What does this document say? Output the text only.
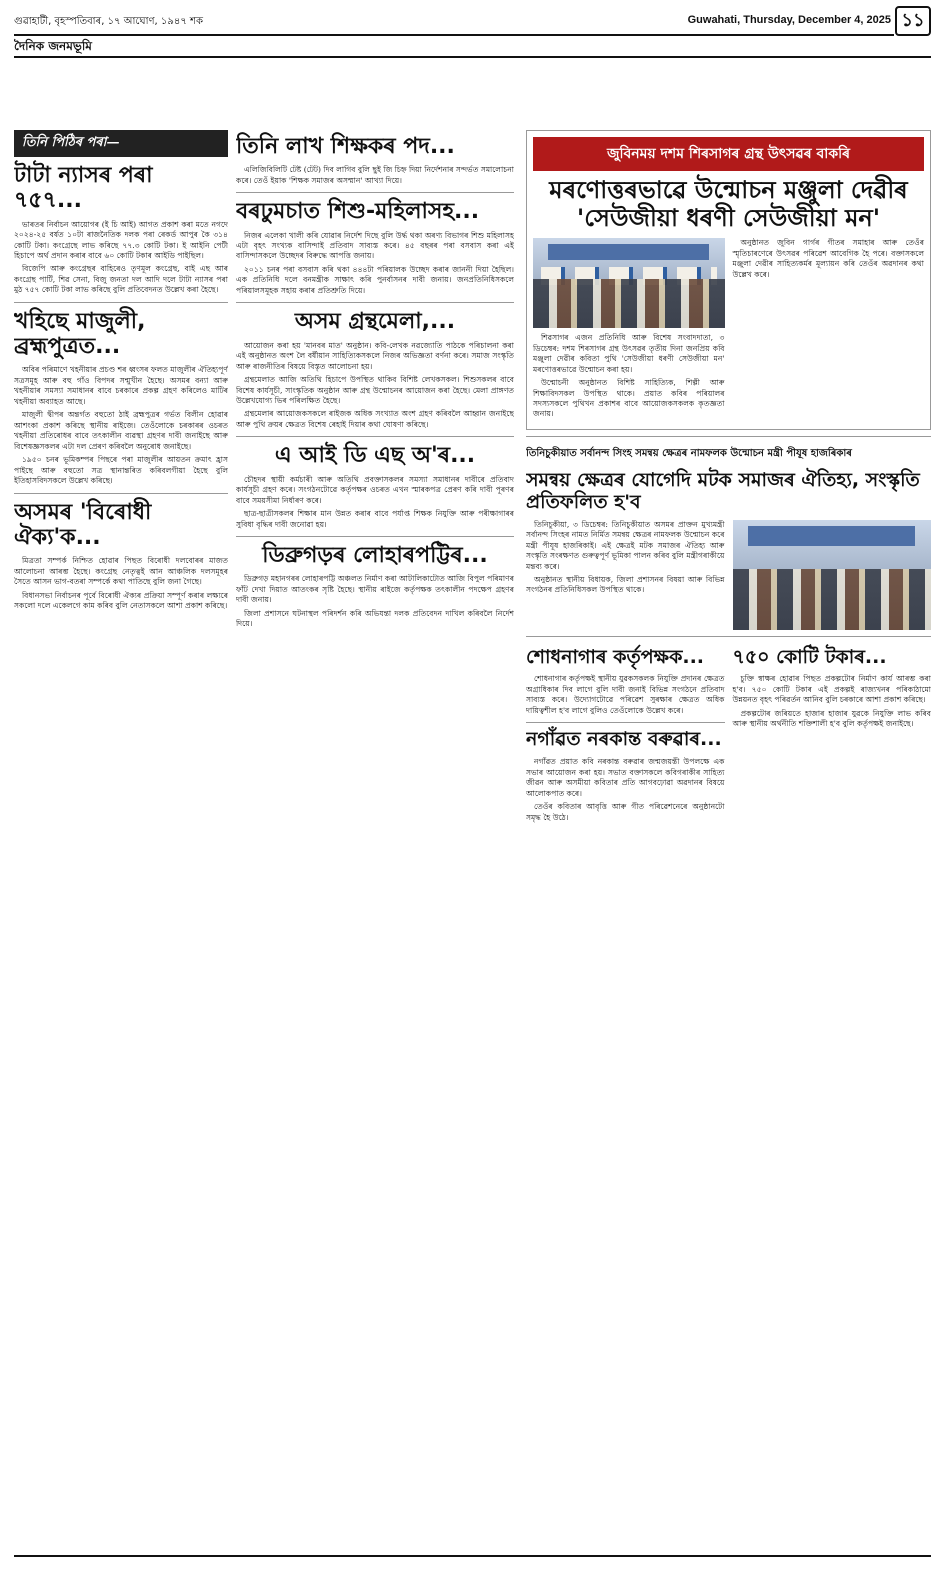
গুৱাহাটী, বৃহস্পতিবাৰ, ১৭ আঘোণ, ১৯৪৭ শক	Guwahati, Thursday, December 4, 2025 ১১
দৈনিক জনমভূমি
তিনি পিঠিৰ পৰা—
টাটা ন্যাসৰ পৰা ৭৫৭...

ভাৰতৰ নিৰ্বাচন আয়োগৰ (ই চি আই) আগত প্ৰকাশ কৰা মতে নগদে ২০২৪-২৫ বৰ্ষত ১০টা ৰাজনৈতিক দলক পৰা ৰেকৰ্ড আপুৰ কৈ ৩১৪ কোটি টকা। কংগ্ৰেছে লাভ কৰিছে ৭৭.৩ কোটি টকা। ই আইনি পেটী হিচাপে অৰ্থ প্ৰদান কৰাৰ বাবে ৬০ কোটি টকাৰ আইডি পাইছিল।

বিজেপি আৰু কংগ্ৰেছৰ বাহিৰেও তৃণমূল কংগ্ৰেছ, বাই এছ আৰ কংগ্ৰেছ পাৰ্টি, শিৱ সেনা, বিজু জনতা দল আদি দলে টাটা ন্যাসৰ পৰা মুঠ ৭৫৭ কোটি টকা লাভ কৰিছে বুলি প্ৰতিবেদনত উল্লেখ কৰা হৈছে।

খহিছে মাজুলী, ব্ৰহ্মপুত্ৰত...

অবিৰ পৰিমাণে খহনীয়াৰ প্ৰচণ্ড শৰ ধ্বংসৰ ফলত মাজুলীৰ ঐতিহ্যপূৰ্ণ সত্ৰসমূহ আৰু বহু গাঁও বিপদৰ সন্মুখীন হৈছে। অসমৰ বন্যা আৰু খহনীয়াৰ সমস্যা সমাধানৰ বাবে চৰকাৰে প্ৰকল্প গ্ৰহণ কৰিলেও মাটিৰ খহনীয়া অব্যাহত আছে।

মাজুলী দ্বীপৰ অন্তৰ্গত বহুতো ঠাই ব্ৰহ্মপুত্ৰৰ গৰ্ভত বিলীন হোৱাৰ আশংকা প্ৰকাশ কৰিছে স্থানীয় ৰাইজে। তেওঁলোকে চৰকাৰৰ ওচৰত খহনীয়া প্ৰতিৰোধৰ বাবে তৎকালীন ব্যৱস্থা গ্ৰহণৰ দাবী জনাইছে আৰু বিশেষজ্ঞসকলৰ এটা দল প্ৰেৰণ কৰিবলৈ অনুৰোধ জনাইছে।

১৯৫০ চনৰ ভূমিকম্পৰ পিছৰে পৰা মাজুলীৰ আয়তন ক্ৰমাৎ হ্ৰাস পাইছে আৰু বহুতো সত্ৰ স্থানান্তৰিত কৰিবলগীয়া হৈছে বুলি ইতিহাসবিদসকলে উল্লেখ কৰিছে।

অসমৰ 'বিৰোধী ঐক্য'ক...

মিত্ৰতা সম্পৰ্ক নিশ্চিত হোৱাৰ পিছত বিৰোধী দলবোৰৰ মাজত আলোচনা আৰম্ভ হৈছে। কংগ্ৰেছ নেতৃত্বই আন আঞ্চলিক দলসমূহৰ সৈতে আসন ভাগ-বতৰা সম্পৰ্কে কথা পাতিছে বুলি জনা গৈছে।

বিধানসভা নিৰ্বাচনৰ পূৰ্বে বিৰোধী ঐক্যৰ প্ৰক্ৰিয়া সম্পূৰ্ণ কৰাৰ লক্ষ্যৰে সকলো দলে একেলগে কাম কৰিব বুলি নেতাসকলে আশা প্ৰকাশ কৰিছে।

তিনি লাখ শিক্ষকৰ পদ...

এলিজিবিলিটি টেষ্ট (টেট) দিব লাগিব বুলি ছুই জি চিহ্ন দিয়া নিৰ্দেশনাৰ সন্দৰ্ভত সমালোচনা কৰে। তেওঁ ইয়াক 'শিক্ষক সমাজৰ অসম্মান' আখ্যা দিয়ে।

বৰঢুমচাত শিশু-মহিলাসহ...

নিজৰ এলেকা খালী কৰি যোৱাৰ নিৰ্দেশ দিছে বুলি উৰ্দ্ধ থকা অৰণ্য বিভাগৰ শিশু মহিলাসহ এটা বৃহৎ সংখ্যক বাসিন্দাই প্ৰতিবাদ সাব্যস্ত কৰে। ৪৫ বছৰৰ পৰা বসবাস কৰা এই বাসিন্দাসকলে উচ্ছেদৰ বিৰুদ্ধে আপত্তি জনায়।

২০১১ চনৰ পৰা বসবাস কৰি থকা ৪৪৪টা পৰিয়ালক উচ্ছেদ কৰাৰ জাননী দিয়া হৈছিল। এক প্ৰতিনিধি দলে বনমন্ত্ৰীক সাক্ষাৎ কৰি পুনৰ্বাসনৰ দাবী জনায়। জনপ্ৰতিনিধিসকলে পৰিয়ালসমূহক সহায় কৰাৰ প্ৰতিশ্ৰুতি দিয়ে।

অসম গ্ৰন্থমেলা,...

আয়োজন কৰা হয় 'মানবৰ মাত' অনুষ্ঠান। কবি-লেখক নৱজ্যোতি পাঠকে পৰিচালনা কৰা এই অনুষ্ঠানত অংশ লৈ বৰ্ষীয়ান সাহিত্যিকসকলে নিজৰ অভিজ্ঞতা বৰ্ণনা কৰে। সমাজ সংস্কৃতি আৰু ৰাজনীতিৰ বিষয়ে বিস্তৃত আলোচনা হয়।

গ্ৰন্থমেলাত আজি অতিথি হিচাপে উপস্থিত থাকিব বিশিষ্ট লেখকসকল। শিশুসকলৰ বাবে বিশেষ কাৰ্যসূচী, সাংস্কৃতিক অনুষ্ঠান আৰু গ্ৰন্থ উন্মোচনৰ আয়োজন কৰা হৈছে। মেলা প্ৰাঙ্গণত উল্লেখযোগ্য ভিৰ পৰিলক্ষিত হৈছে।

গ্ৰন্থমেলাৰ আয়োজকসকলে ৰাইজক অধিক সংখ্যাত অংশ গ্ৰহণ কৰিবলৈ আহ্বান জনাইছে আৰু পুথি ক্ৰয়ৰ ক্ষেত্ৰত বিশেষ ৰেহাই দিয়াৰ কথা ঘোষণা কৰিছে।

এ আই ডি এছ অ'ৰ...

চৌহদৰ স্থায়ী কৰ্মচাৰী আৰু অতিথি প্ৰবক্তাসকলৰ সমস্যা সমাধানৰ দাবীৰে প্ৰতিবাদ কাৰ্যসূচী গ্ৰহণ কৰে। সংগঠনটোৱে কৰ্তৃপক্ষৰ ওচৰত এখন স্মাৰকপত্ৰ প্ৰেৰণ কৰি দাবী পূৰণৰ বাবে সময়সীমা নিৰ্ধাৰণ কৰে।

ছাত্ৰ-ছাত্ৰীসকলৰ শিক্ষাৰ মান উন্নত কৰাৰ বাবে পৰ্যাপ্ত শিক্ষক নিযুক্তি আৰু পৰীক্ষাগাৰৰ সুবিধা বৃদ্ধিৰ দাবী জনোৱা হয়।

ডিব্ৰুগড়ৰ লোহাৰপট্টিৰ...

ডিব্ৰুগড় মহানগৰৰ লোহাৰপট্টি অঞ্চলত নিৰ্মাণ কৰা আটালিকাটোত আজি বিপুল পৰিমাণৰ ফাঁট দেখা দিয়াত আতংকৰ সৃষ্টি হৈছে। স্থানীয় ৰাইজে কৰ্তৃপক্ষক তৎকালীন পদক্ষেপ গ্ৰহণৰ দাবী জনায়।

জিলা প্ৰশাসনে ঘটনাস্থল পৰিদৰ্শন কৰি অভিযন্তা দলক প্ৰতিবেদন দাখিল কৰিবলৈ নিৰ্দেশ দিয়ে।

জুবিনময় দশম শিৰসাগৰ গ্ৰন্থ উৎসৱৰ বাকৰি
মৰণোত্তৰভাৱে উন্মোচন মঞ্জুলা দেৱীৰ
'সেউজীয়া ধৰণী সেউজীয়া মন'

শিৱসাগৰ এজন প্ৰতিনিধি আৰু বিশেষ সংবাদদাতা, ৩ ডিচেম্বৰ: দশম শিৰসাগৰ গ্ৰন্থ উৎসৱৰ তৃতীয় দিনা জনপ্ৰিয় কবি মঞ্জুলা দেৱীৰ কবিতা পুথি 'সেউজীয়া ধৰণী সেউজীয়া মন' মৰণোত্তৰভাৱে উন্মোচন কৰা হয়।

উন্মোচনী অনুষ্ঠানত বিশিষ্ট সাহিত্যিক, শিল্পী আৰু শিক্ষাবিদসকল উপস্থিত থাকে। প্ৰয়াত কবিৰ পৰিয়ালৰ সদস্যসকলে পুথিখন প্ৰকাশৰ বাবে আয়োজকসকলক কৃতজ্ঞতা জনায়।

অনুষ্ঠানত জুবিন গাৰ্গৰ গীতৰ সমাহাৰ আৰু তেওঁৰ স্মৃতিচাৰণেৰে উৎসৱৰ পৰিৱেশ আবেগিক হৈ পৰে। বক্তাসকলে মঞ্জুলা দেৱীৰ সাহিত্যকৰ্মৰ মূল্যায়ন কৰি তেওঁৰ অৱদানৰ কথা উল্লেখ কৰে।

তিনিচুকীয়াত সৰ্বানন্দ সিংহ সমন্বয় ক্ষেত্ৰৰ নামফলক উন্মোচন মন্ত্ৰী পীযূষ হাজৰিকাৰ
সমন্বয় ক্ষেত্ৰৰ যোগেদি মটক সমাজৰ ঐতিহ্য, সংস্কৃতি প্ৰতিফলিত হ'ব

তিনিচুকীয়া, ৩ ডিচেম্বৰ: তিনিচুকীয়াত অসমৰ প্ৰাক্তন মুখ্যমন্ত্ৰী সৰ্বানন্দ সিংহৰ নামত নিৰ্মিত সমন্বয় ক্ষেত্ৰৰ নামফলক উন্মোচন কৰে মন্ত্ৰী পীযূষ হাজৰিকাই। এই ক্ষেত্ৰই মটক সমাজৰ ঐতিহ্য আৰু সংস্কৃতি সংৰক্ষণত গুৰুত্বপূৰ্ণ ভূমিকা পালন কৰিব বুলি মন্ত্ৰীগৰাকীয়ে মন্তব্য কৰে।

অনুষ্ঠানত স্থানীয় বিধায়ক, জিলা প্ৰশাসনৰ বিষয়া আৰু বিভিন্ন সংগঠনৰ প্ৰতিনিধিসকল উপস্থিত থাকে।

শোধনাগাৰ কৰ্তৃপক্ষক...

শোধনাগাৰ কৰ্তৃপক্ষই স্থানীয় যুৱকসকলক নিযুক্তি প্ৰদানৰ ক্ষেত্ৰত অগ্ৰাধিকাৰ দিব লাগে বুলি দাবী জনাই বিভিন্ন সংগঠনে প্ৰতিবাদ সাব্যস্ত কৰে। উদ্যোগটোৱে পৰিৱেশ সুৰক্ষাৰ ক্ষেত্ৰত অধিক দায়িত্বশীল হ'ব লাগে বুলিও তেওঁলোকে উল্লেখ কৰে।

নগাঁৱত নৰকান্ত বৰুৱাৰ...

নগাঁৱত প্ৰয়াত কবি নৰকান্ত বৰুৱাৰ জন্মজয়ন্তী উপলক্ষে এক সভাৰ আয়োজন কৰা হয়। সভাত বক্তাসকলে কবিগৰাকীৰ সাহিত্য জীৱন আৰু অসমীয়া কবিতাৰ প্ৰতি আগবঢ়োৱা অৱদানৰ বিষয়ে আলোকপাত কৰে।

তেওঁৰ কবিতাৰ আবৃত্তি আৰু গীত পৰিৱেশনেৰে অনুষ্ঠানটো সমৃদ্ধ হৈ উঠে।

৭৫০ কোটি টকাৰ...

চুক্তি স্বাক্ষৰ হোৱাৰ পিছত প্ৰকল্পটোৰ নিৰ্মাণ কাৰ্য আৰম্ভ কৰা হ'ব। ৭৫০ কোটি টকাৰ এই প্ৰকল্পই ৰাজ্যখনৰ পৰিকাঠামো উন্নয়নত বৃহৎ পৰিৱৰ্তন আনিব বুলি চৰকাৰে আশা প্ৰকাশ কৰিছে।

প্ৰকল্পটোৰ জৰিয়তে হাজাৰ হাজাৰ যুৱকে নিযুক্তি লাভ কৰিব আৰু স্থানীয় অৰ্থনীতি শক্তিশালী হ'ব বুলি কৰ্তৃপক্ষই জনাইছে।
